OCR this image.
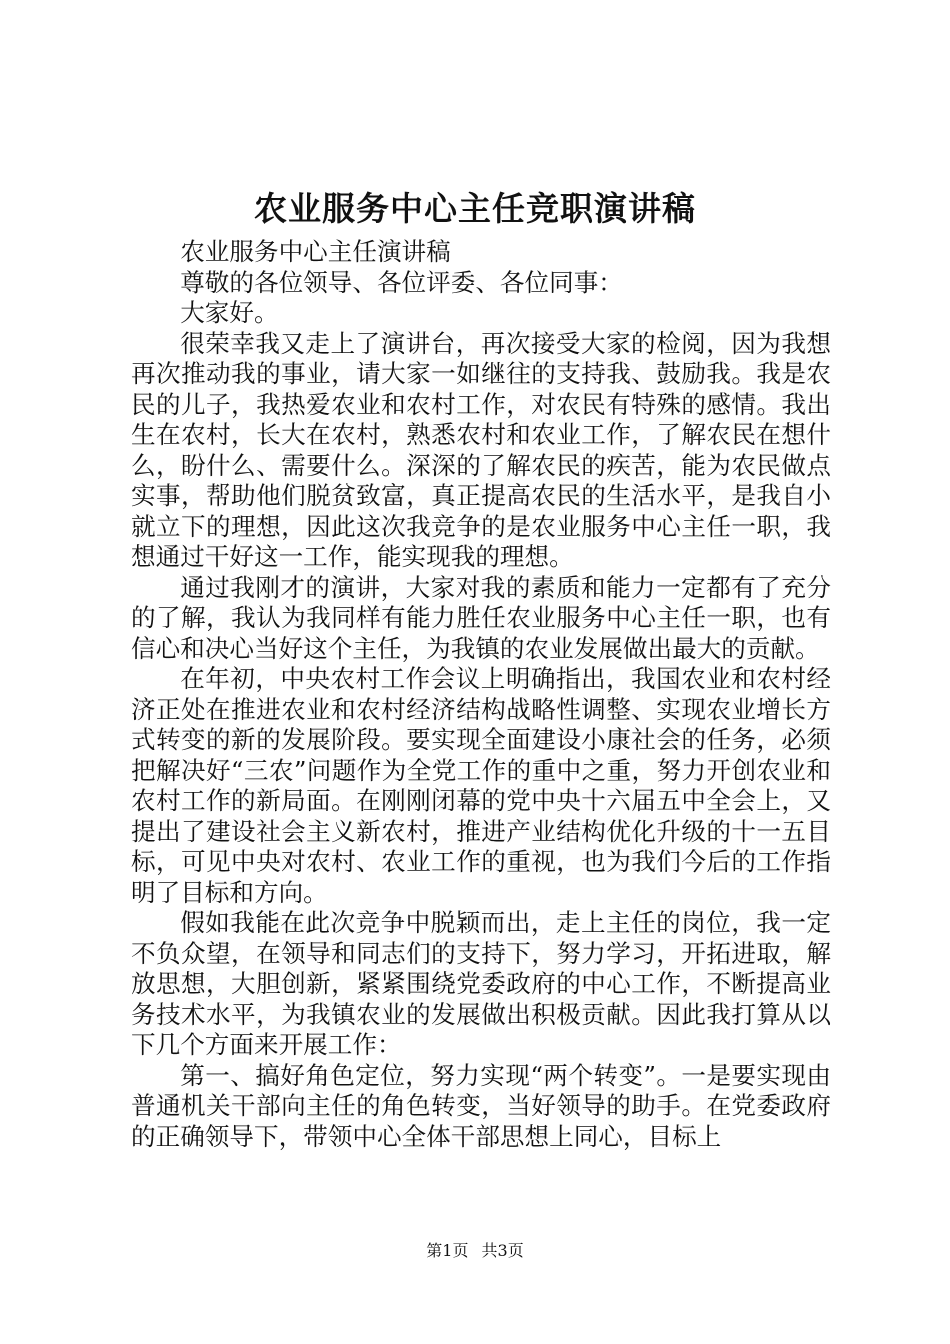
农业服务中心主任竞职演讲稿

农业服务中心主任演讲稿

尊敬的各位领导、各位评委、各位同事：

大家好。

很荣幸我又走上了演讲台，再次接受大家的检阅，因为我想再次推动我的事业，请大家一如继往的支持我、鼓励我。我是农民的儿子，我热爱农业和农村工作，对农民有特殊的感情。我出生在农村，长大在农村，熟悉农村和农业工作，了解农民在想什么，盼什么、需要什么。深深的了解农民的疾苦，能为农民做点实事，帮助他们脱贫致富，真正提高农民的生活水平，是我自小就立下的理想，因此这次我竞争的是农业服务中心主任一职，我想通过干好这一工作，能实现我的理想。

通过我刚才的演讲，大家对我的素质和能力一定都有了充分的了解，我认为我同样有能力胜任农业服务中心主任一职，也有信心和决心当好这个主任，为我镇的农业发展做出最大的贡献。

在年初，中央农村工作会议上明确指出，我国农业和农村经济正处在推进农业和农村经济结构战略性调整、实现农业增长方式转变的新的发展阶段。要实现全面建设小康社会的任务，必须把解决好“三农”问题作为全党工作的重中之重，努力开创农业和农村工作的新局面。在刚刚闭幕的党中央十六届五中全会上，又提出了建设社会主义新农村，推进产业结构优化升级的十一五目标，可见中央对农村、农业工作的重视，也为我们今后的工作指明了目标和方向。

假如我能在此次竞争中脱颖而出，走上主任的岗位，我一定不负众望，在领导和同志们的支持下，努力学习，开拓进取，解放思想，大胆创新，紧紧围绕党委政府的中心工作，不断提高业务技术水平，为我镇农业的发展做出积极贡献。因此我打算从以下几个方面来开展工作：

第一、搞好角色定位，努力实现“两个转变”。一是要实现由普通机关干部向主任的角色转变，当好领导的助手。在党委政府的正确领导下，带领中心全体干部思想上同心，目标上

第1页 共3页
